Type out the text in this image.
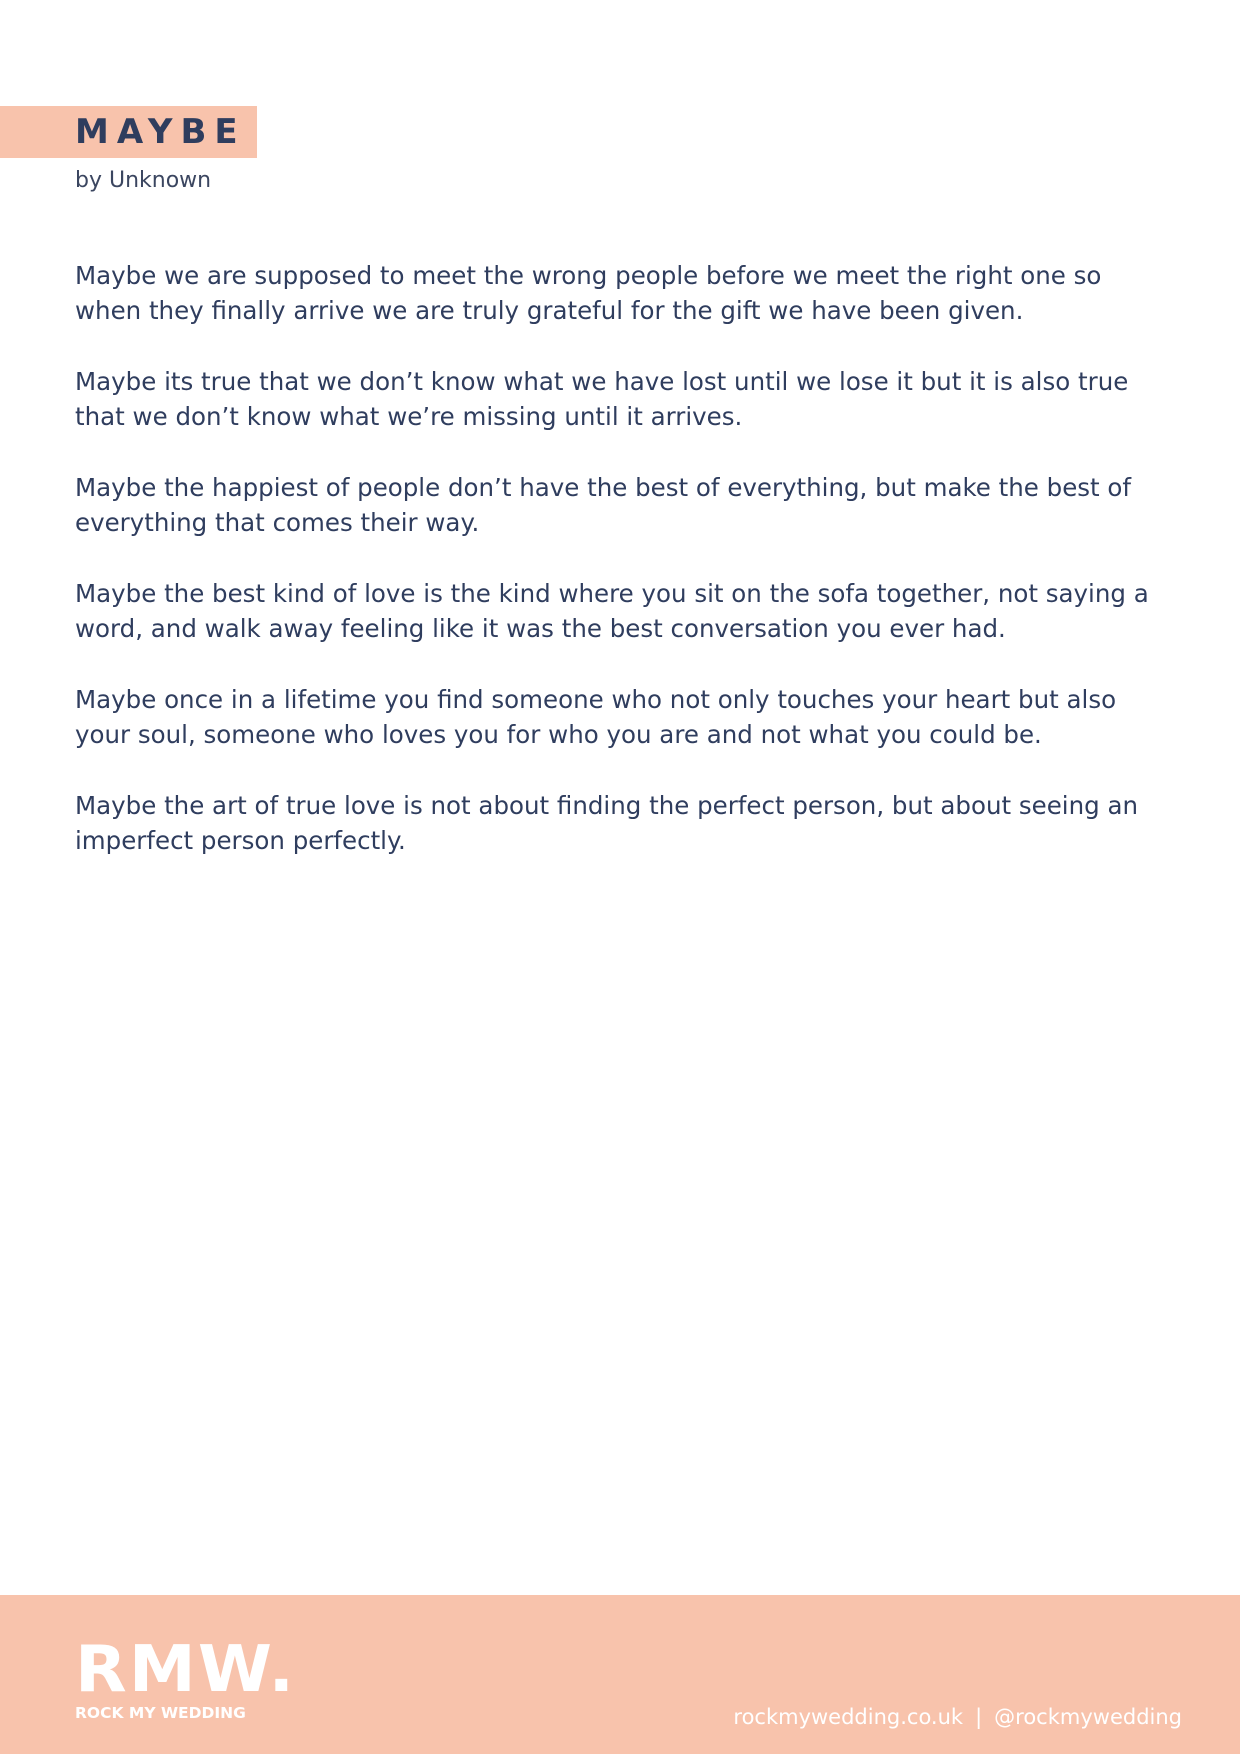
MAYBE
by Unknown

Maybe we are supposed to meet the wrong people before we meet the right one so when they finally arrive we are truly grateful for the gift we have been given.

Maybe its true that we don’t know what we have lost until we lose it but it is also true that we don’t know what we’re missing until it arrives.

Maybe the happiest of people don’t have the best of everything, but make the best of everything that comes their way.

Maybe the best kind of love is the kind where you sit on the sofa together, not saying a word, and walk away feeling like it was the best conversation you ever had.

Maybe once in a lifetime you find someone who not only touches your heart but also your soul, someone who loves you for who you are and not what you could be.

Maybe the art of true love is not about finding the perfect person, but about seeing an imperfect person perfectly.

RMW.
ROCK MY WEDDING	rockmywedding.co.uk | @rockmywedding
